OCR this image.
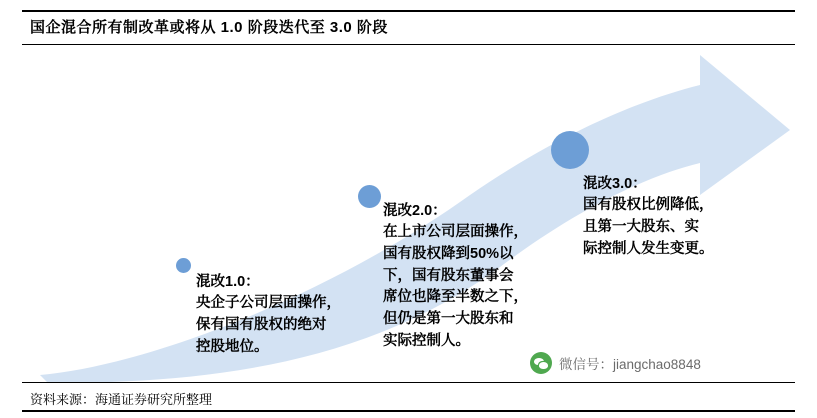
国企混合所有制改革或将从 1.0 阶段迭代至 3.0 阶段
混改1.0：
央企子公司层面操作，
保有国有股权的绝对
控股地位。
混改2.0：
在上市公司层面操作，
国有股权降到50%以
下，国有股东董事会
席位也降至半数之下，
但仍是第一大股东和
实际控制人。
混改3.0：
国有股权比例降低，
且第一大股东、实
际控制人发生变更。
微信号：jiangchao8848
资料来源：海通证券研究所整理
